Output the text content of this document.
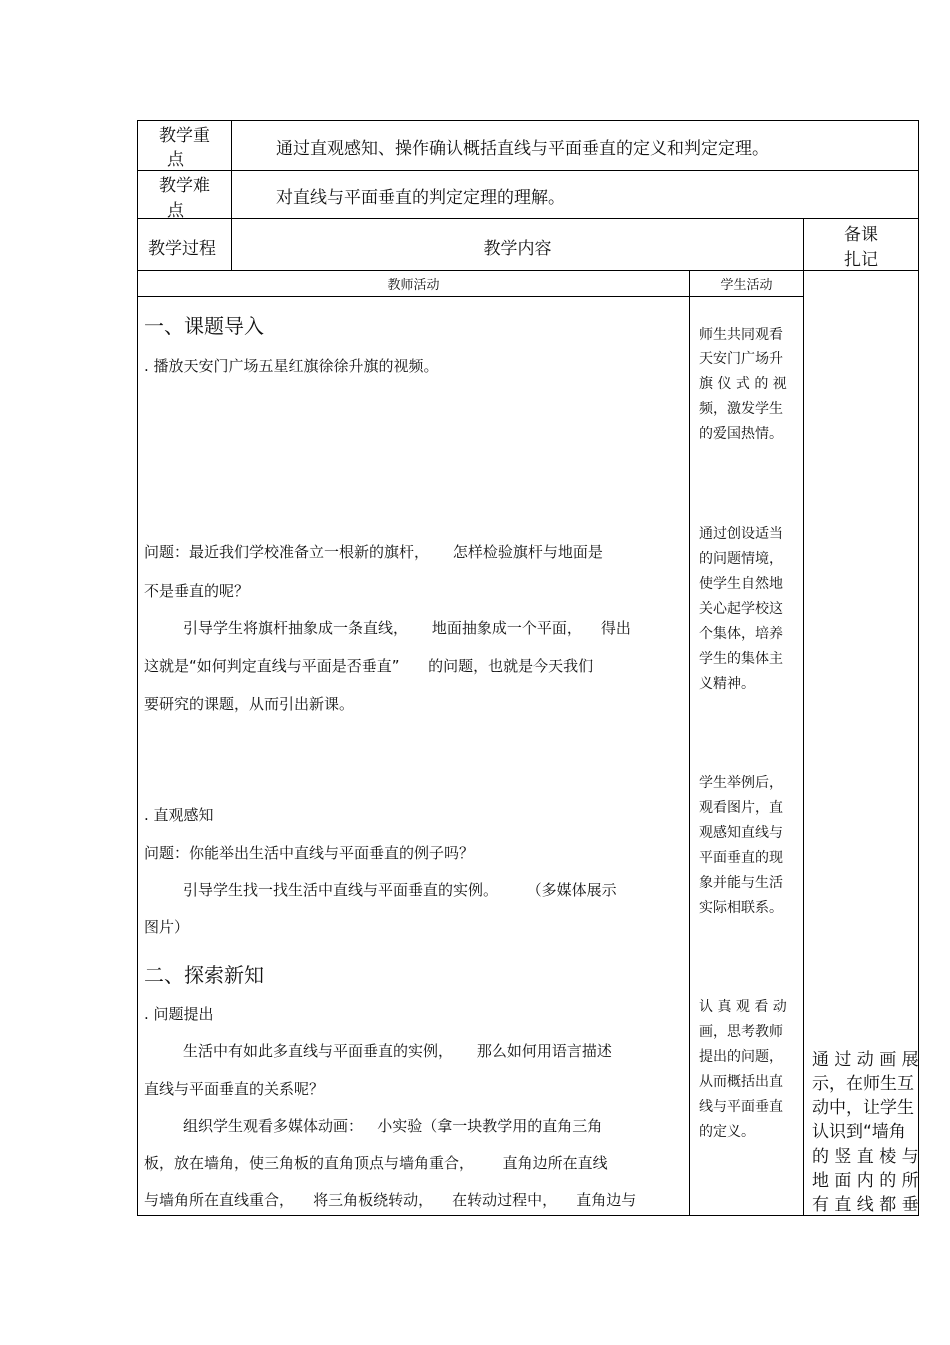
教学重
点
通过直观感知、操作确认概括直线与平面垂直的定义和判定定理。
教学难
点
对直线与平面垂直的判定定理的理解。
教学过程	教学内容
备课
扎记
教师活动	学生活动
一、课题导入
. 播放天安门广场五星红旗徐徐升旗的视频。
问题：最近我们学校准备立一根新的旗杆，     怎样检验旗杆与地面是
不是垂直的呢？
引导学生将旗杆抽象成一条直线，     地面抽象成一个平面，    得出
这就是“如何判定直线与平面是否垂直”      的问题，也就是今天我们
要研究的课题，从而引出新课。
. 直观感知
问题：你能举出生活中直线与平面垂直的例子吗？
引导学生找一找生活中直线与平面垂直的实例。      （多媒体展示
图片）
二、探索新知
. 问题提出
生活中有如此多直线与平面垂直的实例，     那么如何用语言描述
直线与平面垂直的关系呢？
组织学生观看多媒体动画：   小实验（拿一块教学用的直角三角
板，放在墙角，使三角板的直角顶点与墙角重合，      直角边所在直线
与墙角所在直线重合，    将三角板绕转动，    在转动过程中，    直角边与
师生共同观看
天安门广场升
旗 仪 式 的 视
频，激发学生
的爱国热情。
通过创设适当
的问题情境，
使学生自然地
关心起学校这
个集体，培养
学生的集体主
义精神。
学生举例后，
观看图片，直
观感知直线与
平面垂直的现
象并能与生活
实际相联系。
认 真 观 看 动
画，思考教师
提出的问题，
从而概括出直
线与平面垂直
的定义。
通 过 动 画 展
示，在师生互
动中，让学生
认识到“墙角
的 竖 直 棱 与
地 面 内 的 所
有 直 线 都 垂
